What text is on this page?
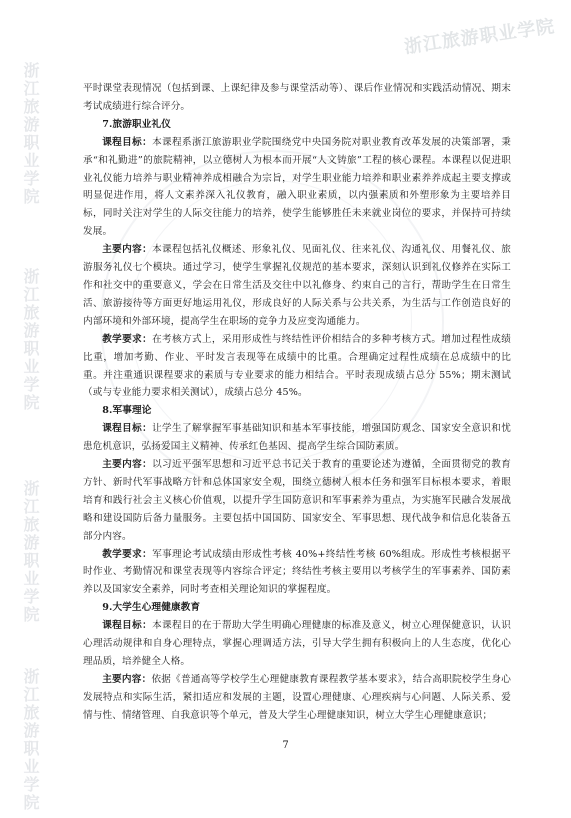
浙江旅游职业学院
浙江旅游职业学院
浙江旅游职业学院
浙江旅游职业学院
浙江旅游职业学院

平时课堂表现情况（包括到课、上课纪律及参与课堂活动等）、课后作业情况和实践活动情况、期末考试成绩进行综合评分。

7.旅游职业礼仪

课程目标：本课程系浙江旅游职业学院围绕党中央国务院对职业教育改革发展的决策部署，秉承“和礼勤进”的旅院精神，以立德树人为根本而开展“人文铸旅”工程的核心课程。本课程以促进职业礼仪能力培养与职业精神养成相融合为宗旨，对学生职业能力培养和职业素养养成起主要支撑或明显促进作用，将人文素养深入礼仪教育，融入职业素质，以内强素质和外塑形象为主要培养目标，同时关注对学生的人际交往能力的培养，使学生能够胜任未来就业岗位的要求，并保持可持续发展。

主要内容：本课程包括礼仪概述、形象礼仪、见面礼仪、往来礼仪、沟通礼仪、用餐礼仪、旅游服务礼仪七个模块。通过学习，使学生掌握礼仪规范的基本要求，深刻认识到礼仪修养在实际工作和社交中的重要意义，学会在日常生活及交往中以礼修身、约束自己的言行，帮助学生在日常生活、旅游接待等方面更好地运用礼仪，形成良好的人际关系与公共关系，为生活与工作创造良好的内部环境和外部环境，提高学生在职场的竞争力及应变沟通能力。

教学要求：在考核方式上，采用形成性与终结性评价相结合的多种考核方式。增加过程性成绩比重，增加考勤、作业、平时发言表现等在成绩中的比重。合理确定过程性成绩在总成绩中的比重。并注重通识课程要求的素质与专业要求的能力相结合。平时表现成绩占总分 55%；期末测试（或与专业能力要求相关测试），成绩占总分 45%。

8.军事理论

课程目标：让学生了解掌握军事基础知识和基本军事技能，增强国防观念、国家安全意识和忧患危机意识，弘扬爱国主义精神、传承红色基因、提高学生综合国防素质。

主要内容：以习近平强军思想和习近平总书记关于教育的重要论述为遵循，全面贯彻党的教育方针、新时代军事战略方针和总体国家安全观，围绕立德树人根本任务和强军目标根本要求，着眼培育和践行社会主义核心价值观，以提升学生国防意识和军事素养为重点，为实施军民融合发展战略和建设国防后备力量服务。主要包括中国国防、国家安全、军事思想、现代战争和信息化装备五部分内容。

教学要求：军事理论考试成绩由形成性考核 40%+终结性考核 60%组成。形成性考核根据平时作业、考勤情况和课堂表现等内容综合评定；终结性考核主要用以考核学生的军事素养、国防素养以及国家安全素养，同时考查相关理论知识的掌握程度。

9.大学生心理健康教育

课程目标：本课程目的在于帮助大学生明确心理健康的标准及意义，树立心理保健意识，认识心理活动规律和自身心理特点，掌握心理调适方法，引导大学生拥有积极向上的人生态度，优化心理品质，培养健全人格。

主要内容：依据《普通高等学校学生心理健康教育课程教学基本要求》，结合高职院校学生身心发展特点和实际生活，紧扣适应和发展的主题，设置心理健康、心理疾病与心问题、人际关系、爱情与性、情绪管理、自我意识等个单元，普及大学生心理健康知识，树立大学生心理健康意识；

7
